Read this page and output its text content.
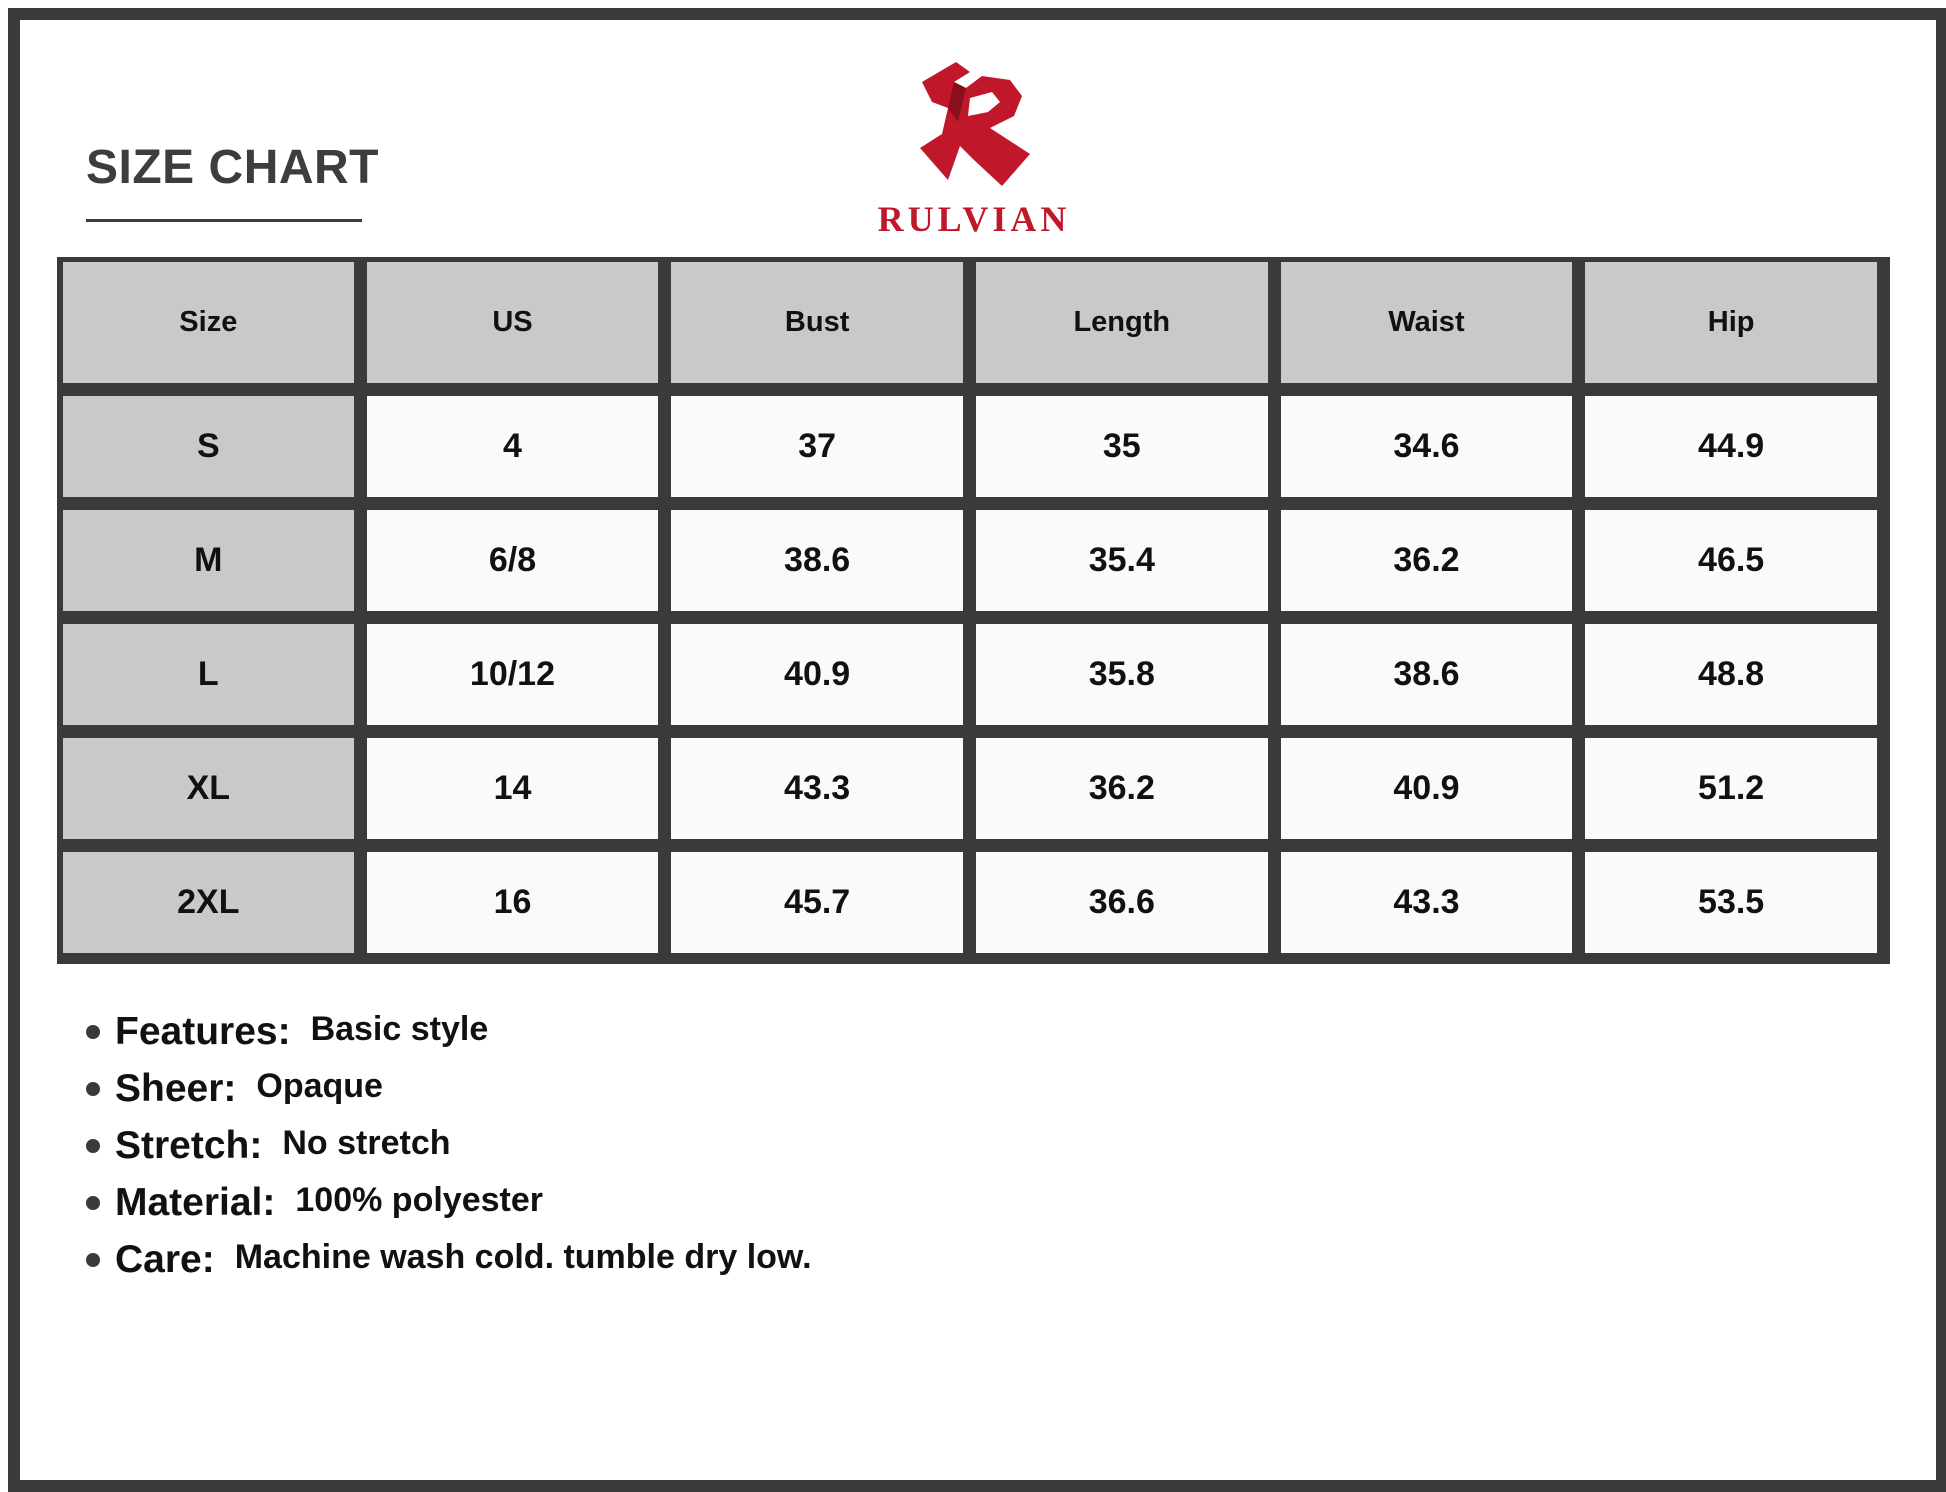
SIZE CHART
RULVIAN
Size	US	Bust	Length	Waist	Hip
S	4	37	35	34.6	44.9
M	6/8	38.6	35.4	36.2	46.5
L	10/12	40.9	35.8	38.6	48.8
XL	14	43.3	36.2	40.9	51.2
2XL	16	45.7	36.6	43.3	53.5
Features: Basic style
Sheer: Opaque
Stretch: No stretch
Material: 100% polyester
Care: Machine wash cold. tumble dry low.
